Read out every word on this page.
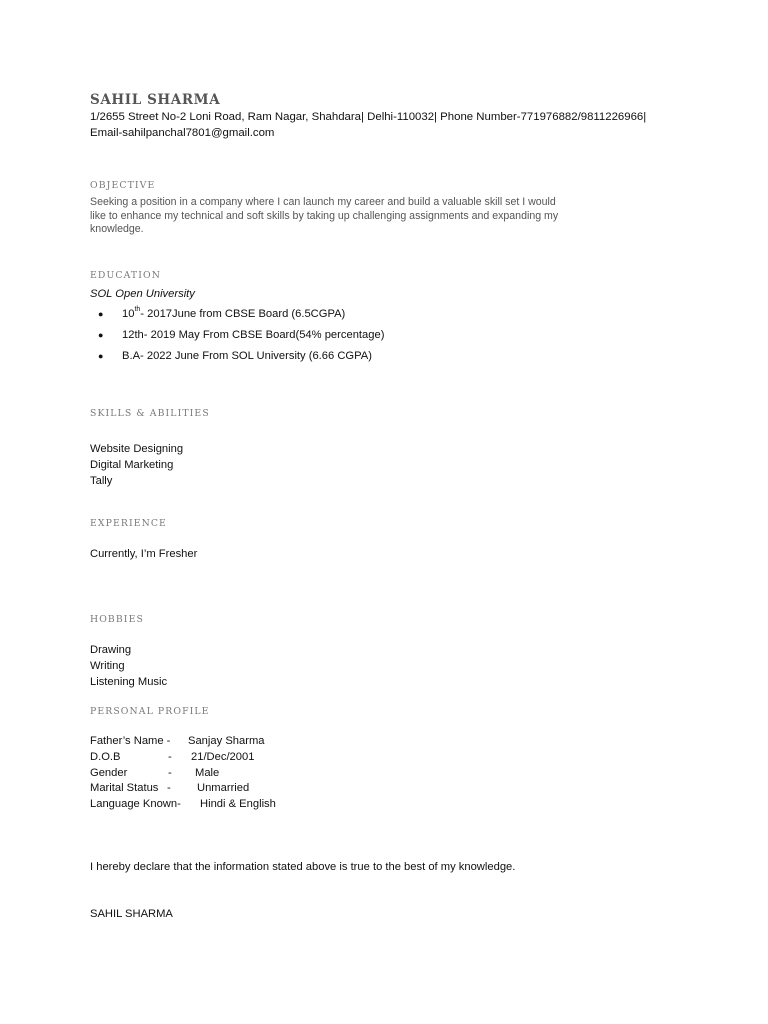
SAHIL SHARMA
1/2655 Street No-2 Loni Road, Ram Nagar, Shahdara| Delhi-110032| Phone Number-771976882/9811226966|
Email-sahilpanchal7801@gmail.com
OBJECTIVE
Seeking a position in a company where I can launch my career and build a valuable skill set I would like to enhance my technical and soft skills by taking up challenging assignments and expanding my knowledge.
EDUCATION
SOL Open University
● 10th- 2017June from CBSE Board (6.5CGPA)
● 12th- 2019 May From CBSE Board(54% percentage)
● B.A- 2022 June From SOL University (6.66 CGPA)
SKILLS & ABILITIES
Website Designing
Digital Marketing
Tally
EXPERIENCE
Currently, I’m Fresher
HOBBIES
Drawing
Writing
Listening Music
PERSONAL PROFILE
Father’s Name - Sanjay Sharma
D.O.B	- 21/Dec/2001
Gender	- Male
Marital Status - Unmarried
Language Known- Hindi & English
I hereby declare that the information stated above is true to the best of my knowledge.
SAHIL SHARMA
